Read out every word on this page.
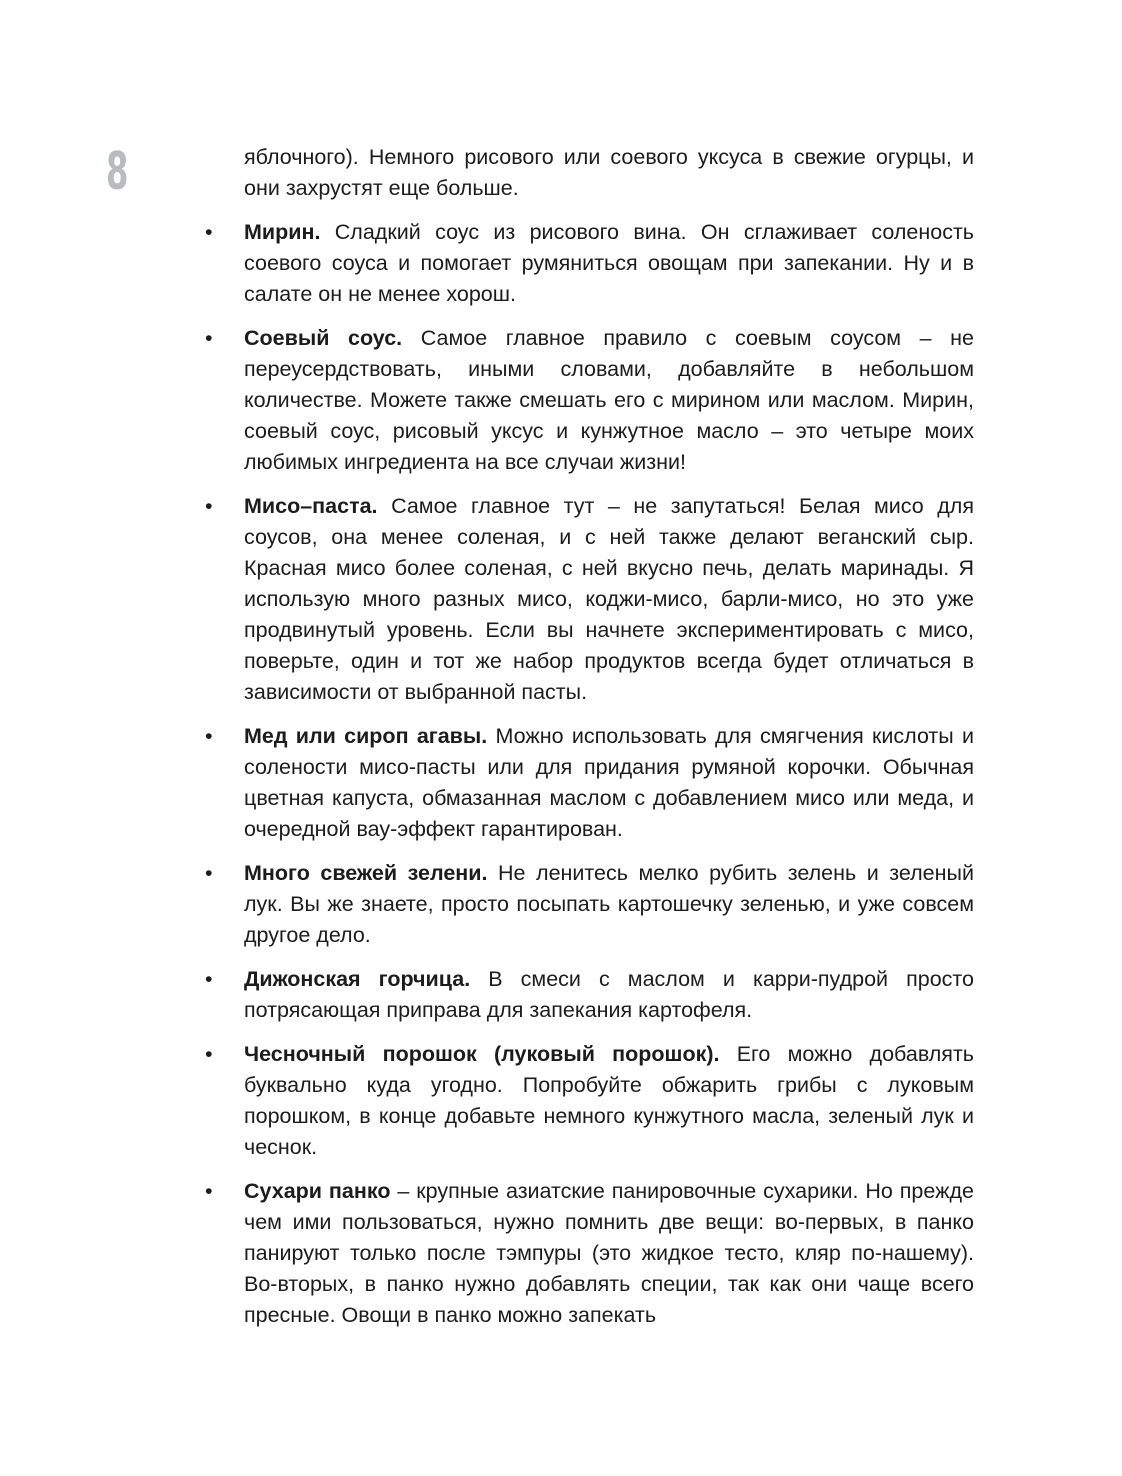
8	яблочного). Немного рисового или соевого уксуса в свежие огурцы, и они захрустят еще больше.

• Мирин. Сладкий соус из рисового вина. Он сглаживает соленость соевого соуса и помогает румяниться овощам при запекании. Ну и в салате он не менее хорош.
• Соевый соус. Самое главное правило с соевым соусом – не переусердствовать, иными словами, добавляйте в небольшом количестве. Можете также смешать его с мирином или маслом. Мирин, соевый соус, рисовый уксус и кунжутное масло – это четыре моих любимых ингредиента на все случаи жизни!
• Мисо–паста. Самое главное тут – не запутаться! Белая мисо для соусов, она менее соленая, и с ней также делают веганский сыр. Красная мисо более соленая, с ней вкусно печь, делать маринады. Я использую много разных мисо, коджи-мисо, барли-мисо, но это уже продвинутый уровень. Если вы начнете экспериментировать с мисо, поверьте, один и тот же набор продуктов всегда будет отличаться в зависимости от выбранной пасты.
• Мед или сироп агавы. Можно использовать для смягчения кислоты и солености мисо-пасты или для придания румяной корочки. Обычная цветная капуста, обмазанная маслом с добавлением мисо или меда, и очередной вау-эффект гарантирован.
• Много свежей зелени. Не ленитесь мелко рубить зелень и зеленый лук. Вы же знаете, просто посыпать картошечку зеленью, и уже совсем другое дело.
• Дижонская горчица. В смеси с маслом и карри-пудрой просто потрясающая приправа для запекания картофеля.
• Чесночный порошок (луковый порошок). Его можно добавлять буквально куда угодно. Попробуйте обжарить грибы с луковым порошком, в конце добавьте немного кунжутного масла, зеленый лук и чеснок.
• Сухари панко – крупные азиатские панировочные сухарики. Но прежде чем ими пользоваться, нужно помнить две вещи: во-первых, в панко панируют только после тэмпуры (это жидкое тесто, кляр по-нашему). Во-вторых, в панко нужно добавлять специи, так как они чаще всего пресные. Овощи в панко можно запекать
